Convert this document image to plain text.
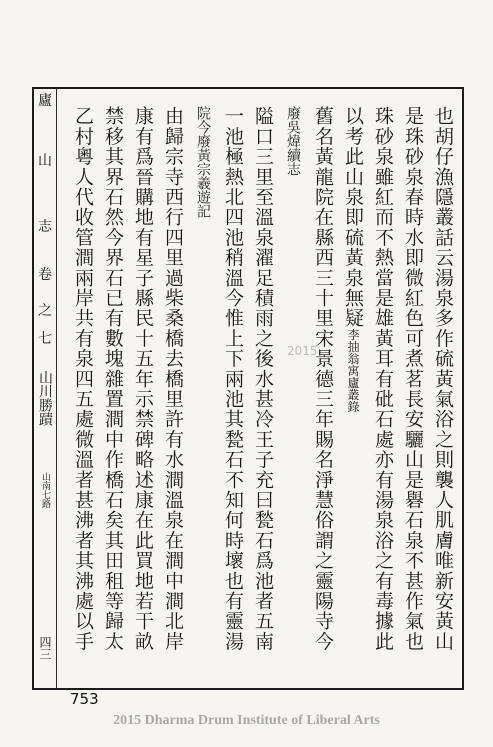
廬
山
志
卷
之
七
山川勝蹟
山南七路
四三	也胡仔漁隱叢話云湯泉多作硫黃氣浴之則襲人肌膚唯新安黃山
是珠砂泉春時水即微紅色可煮茗長安驪山是礜石泉不甚作氣也
珠砂泉雖紅而不熱當是雄黃耳有砒石處亦有湯泉浴之有毒據此
以考此山泉即硫黃泉無疑李抽翁寓廬叢錄
舊名黃龍院在縣西三十里宋景德三年賜名淨慧俗謂之靈陽寺今
廢吳煒續志
隘口三里至溫泉濯足積雨之後水甚冷王子充曰甃石爲池者五南
一池極熱北四池稍溫今惟上下兩池其甃石不知何時壞也有靈湯
院今廢黃宗羲遊記
由歸宗寺西行四里過柴桑橋去橋里許有水澗溫泉在澗中澗北岸
康有爲晉購地有星子縣民十五年示禁碑略述康在此買地若干畝
禁移其界石然今界石已有數塊雜置澗中作橋石矣其田租等歸太
乙村粵人代收管澗兩岸共有泉四五處微溫者甚沸者其沸處以手	2015
753
2015 Dharma Drum Institute of Liberal Arts
